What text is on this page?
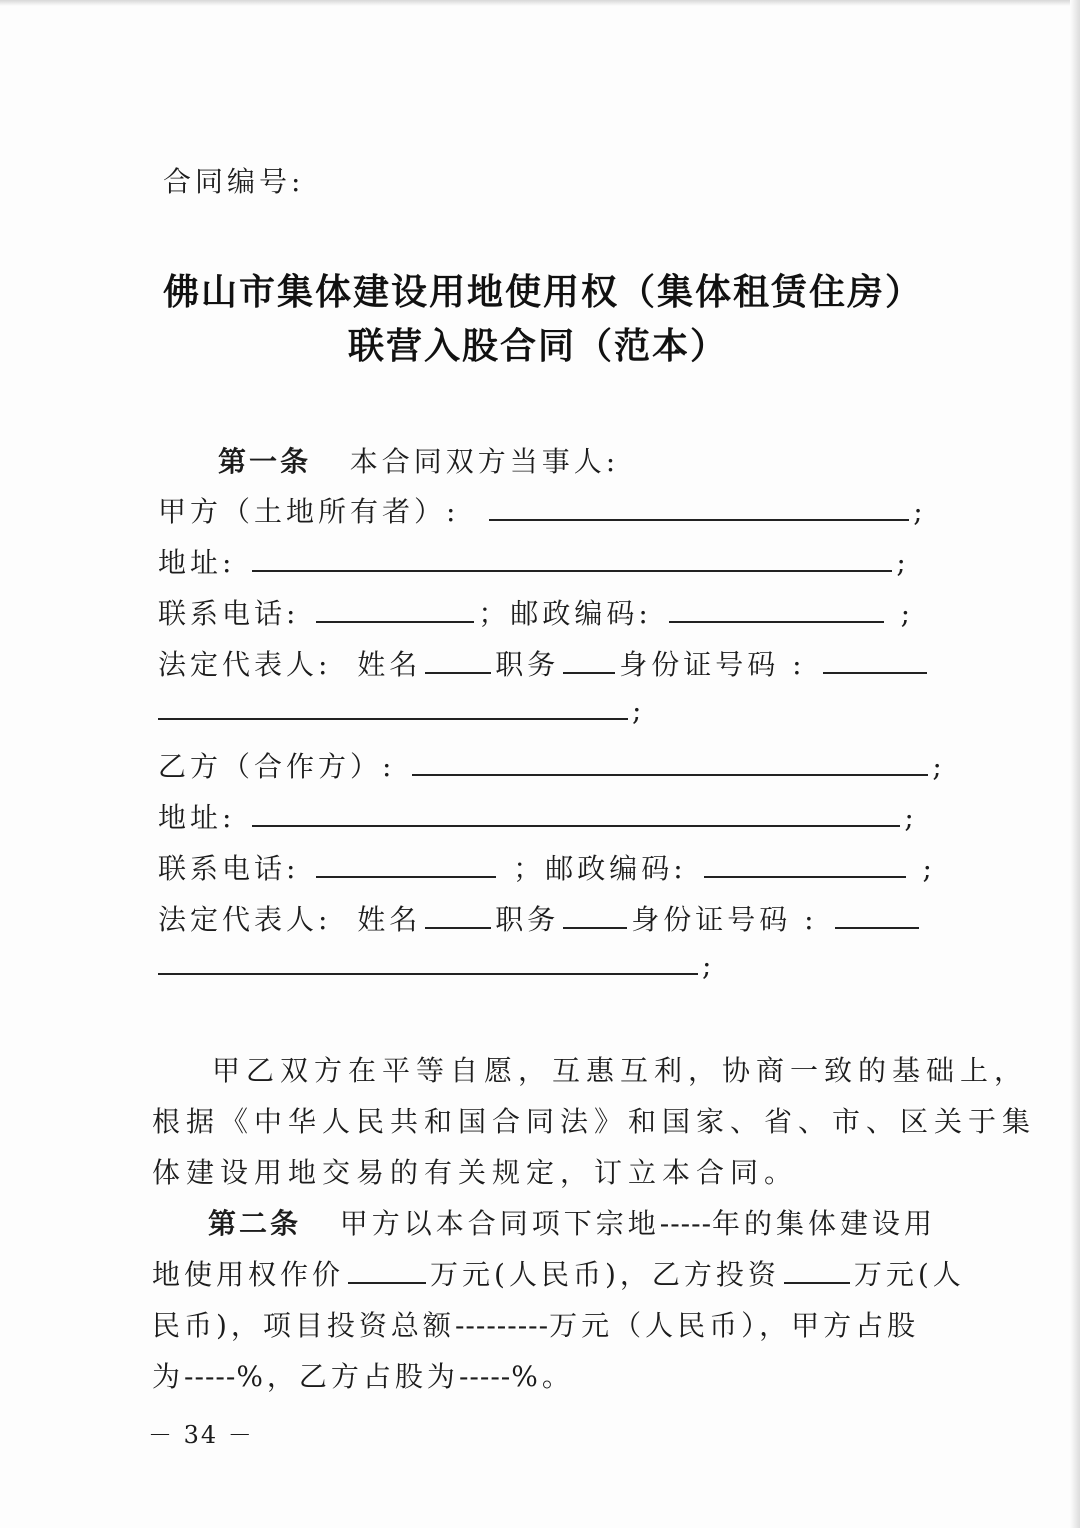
合同编号:
佛山市集体建设用地使用权（集体租赁住房）
联营入股合同（范本）
第一条 本合同双方当事人:
甲方（土地所有者）:	;
地址:	;
联系电话:	；邮政编码:	;
法定代表人: 姓名	职务 身份证号码 :
;
乙方（合作方）:	;
地址:	;
联系电话:	；邮政编码:	;
法定代表人: 姓名	职务	身份证号码 :
;
甲乙双方在平等自愿，互惠互利，协商一致的基础上，
根据《中华人民共和国合同法》和国家、省、市、区关于集
体建设用地交易的有关规定，订立本合同。
第二条 甲方以本合同项下宗地-----年的集体建设用
地使用权作价	万元(人民币)，乙方投资	万元(人
民币)，项目投资总额---------万元（人民币），甲方占股
为-----%，乙方占股为-----%。
－ 34 －
